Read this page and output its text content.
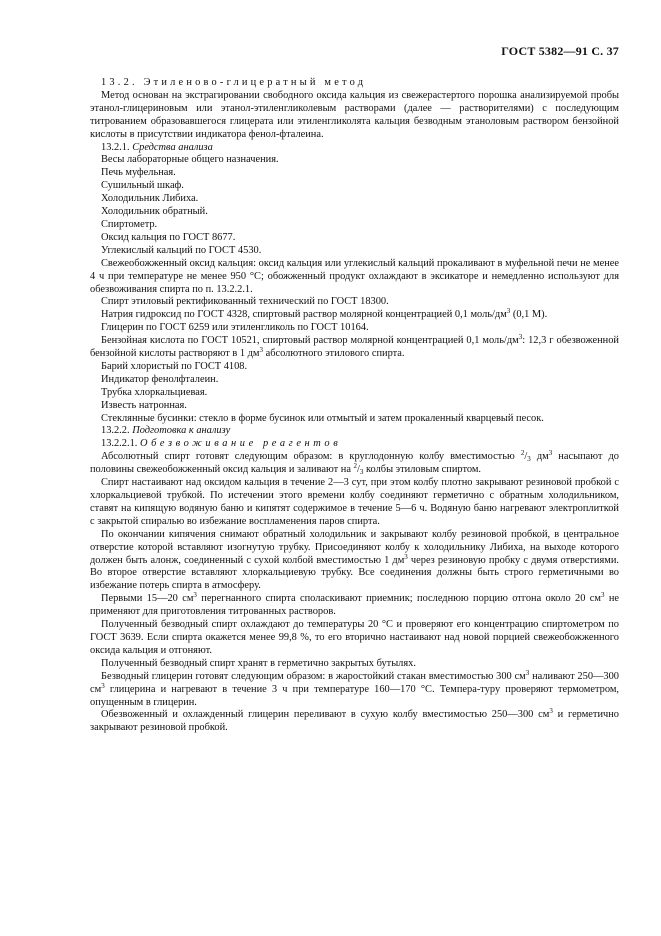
ГОСТ 5382—91 С. 37

13.2. Этиленово-глицератный метод

Метод основан на экстрагировании свободного оксида кальция из свежерастертого порошка анализируемой пробы этанол-глицериновым или этанол-этиленгликолевым растворами (далее — растворителями) с последующим титрованием образовавшегося глицерата или этиленгликолята кальция безводным этаноловым раствором бензойной кислоты в присутствии индикатора фенол-фталеина.

13.2.1. Средства анализа

Весы лабораторные общего назначения.

Печь муфельная.

Сушильный шкаф.

Холодильник Либиха.

Холодильник обратный.

Спиртометр.

Оксид кальция по ГОСТ 8677.

Углекислый кальций по ГОСТ 4530.

Свежеобожженный оксид кальция: оксид кальция или углекислый кальций прокаливают в муфельной печи не менее 4 ч при температуре не менее 950 °С; обожженный продукт охлаждают в эксикаторе и немедленно используют для обезвоживания спирта по п. 13.2.2.1.

Спирт этиловый ректификованный технический по ГОСТ 18300.

Натрия гидроксид по ГОСТ 4328, спиртовый раствор молярной концентрацией 0,1 моль/$дм^3$ (0,1 М).

Глицерин по ГОСТ 6259 или этиленгликоль по ГОСТ 10164.

Бензойная кислота по ГОСТ 10521, спиртовый раствор молярной концентрацией 0,1 моль/$дм^3$: 12,3 г обезвоженной бензойной кислоты растворяют в 1 $дм^3$ абсолютного этилового спирта.

Барий хлористый по ГОСТ 4108.

Индикатор фенолфталеин.

Трубка хлоркальциевая.

Известь натронная.

Стеклянные бусинки: стекло в форме бусинок или отмытый и затем прокаленный кварцевый песок.

13.2.2. Подготовка к анализу

13.2.2.1. Обезвоживание реагентов

Абсолютный спирт готовят следующим образом: в круглодонную колбу вместимостью $^2/_3$ $дм^3$ насыпают до половины свежеобожженный оксид кальция и заливают на $^2/_3$ колбы этиловым спиртом.

Спирт настаивают над оксидом кальция в течение 2—3 сут, при этом колбу плотно закрывают резиновой пробкой с хлоркальциевой трубкой. По истечении этого времени колбу соединяют герметично с обратным холодильником, ставят на кипящую водяную баню и кипятят содержимое в течение 5—6 ч. Водяную баню нагревают электроплиткой с закрытой спиралью во избежание воспламенения паров спирта.

По окончании кипячения снимают обратный холодильник и закрывают колбу резиновой пробкой, в центральное отверстие которой вставляют изогнутую трубку. Присоединяют колбу к холодильнику Либиха, на выходе которого должен быть алонж, соединенный с сухой колбой вместимостью 1 $дм^3$ через резиновую пробку с двумя отверстиями. Во второе отверстие вставляют хлоркальциевую трубку. Все соединения должны быть строго герметичными во избежание потерь спирта в атмосферу.

Первыми 15—20 $см^3$ перегнанного спирта споласкивают приемник; последнюю порцию отгона около 20 $см^3$ не применяют для приготовления титрованных растворов.

Полученный безводный спирт охлаждают до температуры 20 °С и проверяют его концентрацию спиртометром по ГОСТ 3639. Если спирта окажется менее 99,8 %, то его вторично настаивают над новой порцией свежеобожженного оксида кальция и отгоняют.

Полученный безводный спирт хранят в герметично закрытых бутылях.

Безводный глицерин готовят следующим образом: в жаростойкий стакан вместимостью 300 $см^3$ наливают 250—300 $см^3$ глицерина и нагревают в течение 3 ч при температуре 160—170 °С. Темпера-туру проверяют термометром, опущенным в глицерин.

Обезвоженный и охлажденный глицерин переливают в сухую колбу вместимостью 250—300 $см^3$ и герметично закрывают резиновой пробкой.
